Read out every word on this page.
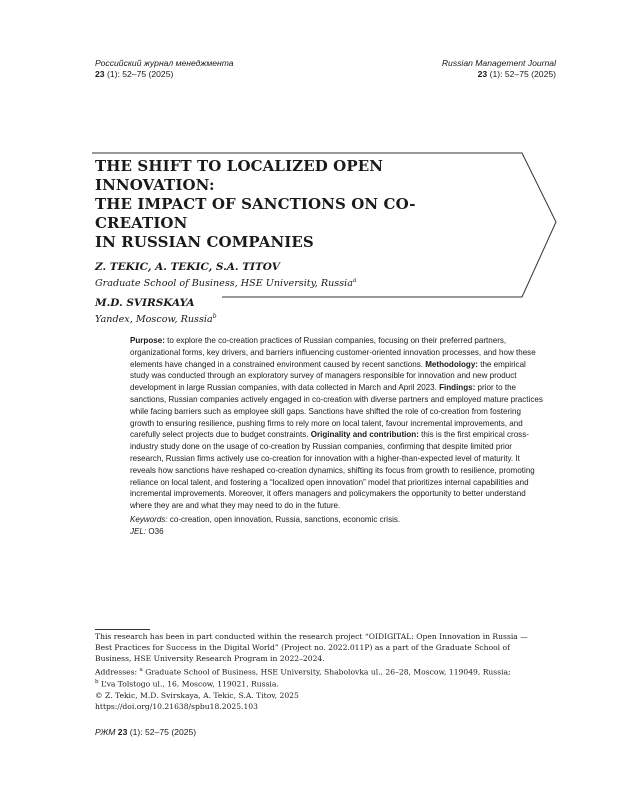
Российский журнал менеджмента
23 (1): 52–75 (2025)
Russian Management Journal
23 (1): 52–75 (2025)
THE SHIFT TO LOCALIZED OPEN INNOVATION:
THE IMPACT OF SANCTIONS ON CO-CREATION
IN RUSSIAN COMPANIES
Z. TEKIC, A. TEKIC, S.A. TITOV
Graduate School of Business, HSE University, Russia$^a$
M.D. SVIRSKAYA
Yandex, Moscow, Russia$^b$

Purpose: to explore the co-creation practices of Russian companies, focusing on their preferred partners, organizational forms, key drivers, and barriers influencing customer-oriented innovation processes, and how these elements have changed in a constrained environment caused by recent sanctions. Methodology: the empirical study was conducted through an exploratory survey of managers responsible for innovation and new product development in large Russian companies, with data collected in March and April 2023. Findings: prior to the sanctions, Russian companies actively engaged in co-creation with diverse partners and employed mature practices while facing barriers such as employee skill gaps. Sanctions have shifted the role of co-creation from fostering growth to ensuring resilience, pushing firms to rely more on local talent, favour incremental improvements, and carefully select projects due to budget constraints. Originality and contribution: this is the first empirical cross-industry study done on the usage of co-creation by Russian companies, confirming that despite limited prior research, Russian firms actively use co-creation for innovation with a higher-than-expected level of maturity. It reveals how sanctions have reshaped co-creation dynamics, shifting its focus from growth to resilience, promoting reliance on local talent, and fostering a “localized open innovation” model that prioritizes internal capabilities and incremental improvements. Moreover, it offers managers and policymakers the opportunity to better understand where they are and what they may need to do in the future.

Keywords: co-creation, open innovation, Russia, sanctions, economic crisis.

JEL: O36

This research has been in part conducted within the research project “OIDIGITAL: Open Innovation in Russia — Best Practices for Success in the Digital World” (Project no. 2022.011P) as a part of the Graduate School of Business, HSE University Research Program in 2022–2024.

Addresses: $^a$ Graduate School of Business, HSE University, Shabolovka ul., 26–28, Moscow, 119049, Russia;
$^b$ L’va Tolstogo ul., 16, Moscow, 119021, Russia.

© Z. Tekic, M.D. Svirskaya, A. Tekic, S.A. Titov, 2025

https://doi.org/10.21638/spbu18.2025.103

РЖМ 23 (1): 52–75 (2025)
